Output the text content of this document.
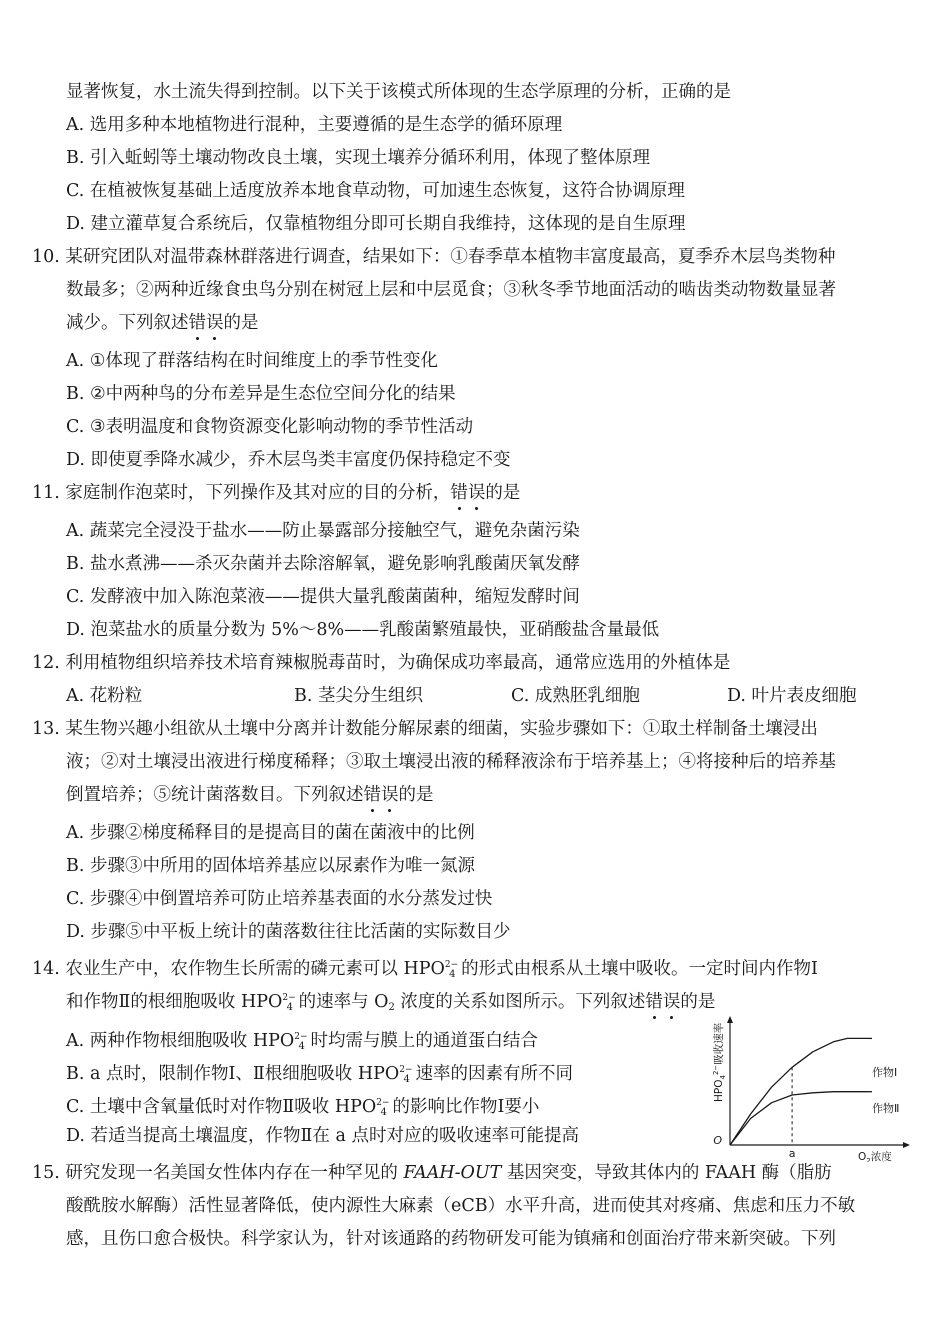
显著恢复，水土流失得到控制。以下关于该模式所体现的生态学原理的分析，正确的是
A. 选用多种本地植物进行混种，主要遵循的是生态学的循环原理
B. 引入蚯蚓等土壤动物改良土壤，实现土壤养分循环利用，体现了整体原理
C. 在植被恢复基础上适度放养本地食草动物，可加速生态恢复，这符合协调原理
D. 建立灌草复合系统后，仅靠植物组分即可长期自我维持，这体现的是自生原理
10. 某研究团队对温带森林群落进行调查，结果如下：①春季草本植物丰富度最高，夏季乔木层鸟类物种
数最多；②两种近缘食虫鸟分别在树冠上层和中层觅食；③秋冬季节地面活动的啮齿类动物数量显著
减少。下列叙述错误的是
A. ①体现了群落结构在时间维度上的季节性变化
B. ②中两种鸟的分布差异是生态位空间分化的结果
C. ③表明温度和食物资源变化影响动物的季节性活动
D. 即使夏季降水减少，乔木层鸟类丰富度仍保持稳定不变
11. 家庭制作泡菜时，下列操作及其对应的目的分析，错误的是
A. 蔬菜完全浸没于盐水——防止暴露部分接触空气，避免杂菌污染
B. 盐水煮沸——杀灭杂菌并去除溶解氧，避免影响乳酸菌厌氧发酵
C. 发酵液中加入陈泡菜液——提供大量乳酸菌菌种，缩短发酵时间
D. 泡菜盐水的质量分数为 5%～8%——乳酸菌繁殖最快，亚硝酸盐含量最低
12. 利用植物组织培养技术培育辣椒脱毒苗时，为确保成功率最高，通常应选用的外植体是
A. 花粉粒	B. 茎尖分生组织	C. 成熟胚乳细胞	D. 叶片表皮细胞
13. 某生物兴趣小组欲从土壤中分离并计数能分解尿素的细菌，实验步骤如下：①取土样制备土壤浸出
液；②对土壤浸出液进行梯度稀释；③取土壤浸出液的稀释液涂布于培养基上；④将接种后的培养基
倒置培养；⑤统计菌落数目。下列叙述错误的是
A. 步骤②梯度稀释目的是提高目的菌在菌液中的比例
B. 步骤③中所用的固体培养基应以尿素作为唯一氮源
C. 步骤④中倒置培养可防止培养基表面的水分蒸发过快
D. 步骤⑤中平板上统计的菌落数往往比活菌的实际数目少
14. 农业生产中，农作物生长所需的磷元素可以 $HPO^{2-}_4$ 的形式由根系从土壤中吸收。一定时间内作物Ⅰ
和作物Ⅱ的根细胞吸收 $HPO^{2-}_4$ 的速率与 $O_2$ 浓度的关系如图所示。下列叙述错误的是
A. 两种作物根细胞吸收 $HPO^{2-}_4$ 时均需与膜上的通道蛋白结合
B. a 点时，限制作物Ⅰ、Ⅱ根细胞吸收 $HPO^{2-}_4$ 速率的因素有所不同
C. 土壤中含氧量低时对作物Ⅱ吸收 $HPO^{2-}_4$ 的影响比作物Ⅰ要小
D. 若适当提高土壤温度，作物Ⅱ在 a 点时对应的吸收速率可能提高	O
$HPO_4^{2-}$吸收速率
$O_2$浓度
a
作物Ⅰ
作物Ⅱ
15. 研究发现一名美国女性体内存在一种罕见的 FAAH-OUT 基因突变，导致其体内的 FAAH 酶（脂肪
酸酰胺水解酶）活性显著降低，使内源性大麻素（eCB）水平升高，进而使其对疼痛、焦虑和压力不敏
感，且伤口愈合极快。科学家认为，针对该通路的药物研发可能为镇痛和创面治疗带来新突破。下列
